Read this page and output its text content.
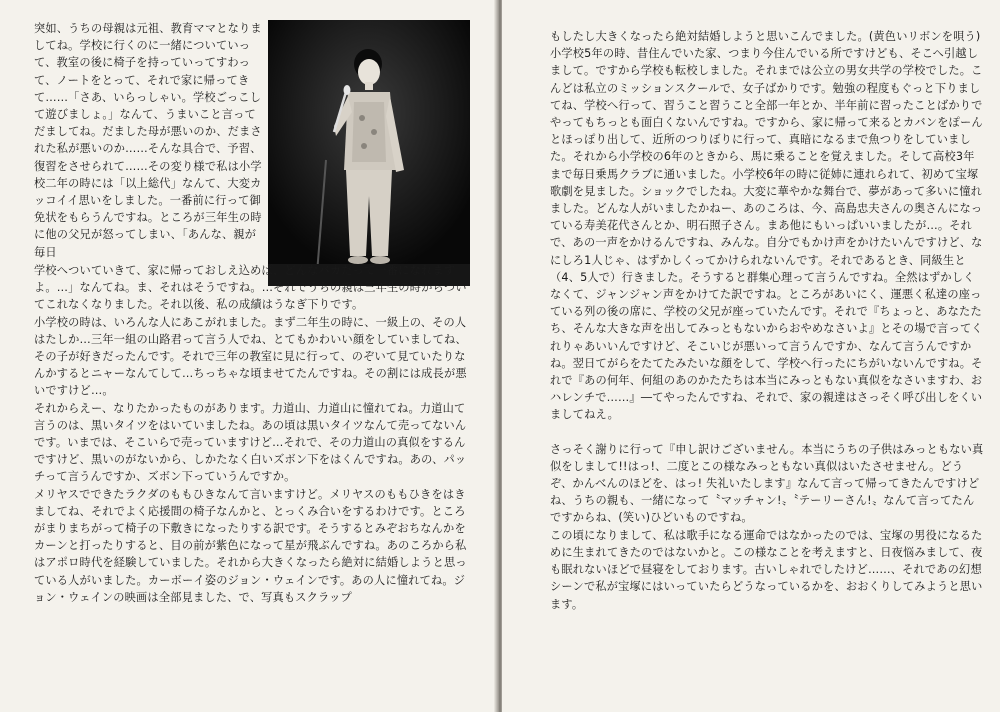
突如、うちの母親は元祖、教育ママとなりましてね。学校に行くのに一緒についていって、教室の後に椅子を持っていってすわって、ノートをとって、それで家に帰ってきて……「さあ、いらっしゃい。学校ごっこして遊びましょ。」なんて、うまいこと言ってだましてね。だました母が悪いのか、だまされた私が悪いのか……そんな具合で、予習、復習をさせられて……その変り様で私は小学校二年の時には「以上総代」なんて、大変カッコイイ思いをしました。一番前に行って御免状をもらうんですね。ところが三年生の時に他の父兄が怒ってしまい、「あんな、親が毎日

学校へついていきて、家に帰っておしえ込めば、どんなバカだって一番になれますよ。…」なんてね。ま、それはそうですね。…それでうちの親は三年生の時からついてこれなくなりました。それ以後、私の成績はうなぎ下りです。

小学校の時は、いろんな人にあこがれました。まず二年生の時に、一級上の、その人はたしか…三年一組の山路君って言う人でね、とてもかわいい顔をしていましてね、その子が好きだったんです。それで三年の教室に見に行って、のぞいて見ていたりなんかするとニャーなんてして…ちっちゃな頃ませてたんですね。その割には成長が悪いですけど…。

それからえー、なりたかったものがあります。力道山、力道山に憧れてね。力道山て言うのは、黒いタイツをはいていましたね。あの頃は黒いタイツなんて売ってないんです。いまでは、そこいらで売っていますけど…それで、その力道山の真似をするんですけど、黒いのがないから、しかたなく白いズボン下をはくんですね。あの、パッチって言うんですか、ズボン下っていうんですか。

メリヤスでできたラクダのももひきなんて言いますけど。メリヤスのももひきをはきましてね、それでよく応援間の椅子なんかと、とっくみ合いをするわけです。ところがまりまちがって椅子の下敷きになったりする訳です。そうするとみぞおちなんかをカーンと打ったりすると、目の前が紫色になって星が飛ぶんですね。あのころから私はアポロ時代を経験していました。それから大きくなったら絶対に結婚しようと思っている人がいました。カーボーイ姿のジョン・ウェインです。あの人に憧れてね。ジョン・ウェインの映画は全部見ました、で、写真もスクラップ

もしたし大きくなったら絶対結婚しようと思いこんでました。(黄色いリボンを唄う)

小学校5年の時、昔住んでいた家、つまり今住んでいる所ですけども、そこへ引越しまして。ですから学校も転校しました。それまでは公立の男女共学の学校でした。こんどは私立のミッションスクールで、女子ばかりです。勉強の程度もぐっと下りましてね、学校へ行って、習うこと習うこと全部一年とか、半年前に習ったことばかりでやってもちっとも面白くないんですね。ですから、家に帰って来るとカバンをぽーんとほっぽり出して、近所のつりぼりに行って、真暗になるまで魚つりをしていました。それから小学校の6年のときから、馬に乗ることを覚えました。そして高校3年まで毎日乗馬クラブに通いました。小学校6年の時に従姉に連れられて、初めて宝塚歌劇を見ました。ショックでしたね。大変に華やかな舞台で、夢があって多いに憧れました。どんな人がいましたかねー、あのころは、今、高島忠夫さんの奥さんになっている寿美花代さんとか、明石照子さん。まあ他にもいっぱいいましたが…。それで、あの一声をかけるんですね、みんな。自分でもかけ声をかけたいんですけど、なにしろ1人じゃ、はずかしくってかけられないんです。それであるとき、同級生と（4、5人で）行きました。そうすると群集心理って言うんですね。全然はずかしくなくて、ジャンジャン声をかけてた訳ですね。ところがあいにく、運悪く私達の座っている列の後の席に、学校の父兄が座っていたんです。それで『ちょっと、あなたたち、そんな大きな声を出してみっともないからおやめなさいよ』とその場で言ってくれりゃあいいんですけど、そこいじが悪いって言うんですか、なんて言うんですかね。翌日てがらをたてたみたいな顔をして、学校へ行ったにちがいないんですね。それで『あの何年、何組のあのかたたちは本当にみっともない真似をなさいますわ、おハレンチで……』―てやったんですね、それで、家の親達はさっそく呼び出しをくいましてねえ。

さっそく謝りに行って『申し訳けございません。本当にうちの子供はみっともない真似をしまして!!はっ!、二度とこの様なみっともない真似はいたさせません。どうぞ、かんべんのほどを、はっ! 失礼いたします』なんて言って帰ってきたんですけどね、うちの親も、一緒になって〝マッチャン!〟〝テーリーさん!〟なんて言ってたんですからね、(笑い)ひどいものですね。

この頃になりまして、私は歌手になる運命ではなかったのでは、宝塚の男役になるために生まれてきたのではないかと。この様なことを考えますと、日夜悩みまして、夜も眠れないほどで昼寝をしております。古いしゃれでしたけど……、それであの幻想シーンで私が宝塚にはいっていたらどうなっているかを、おおくりしてみようと思います。
